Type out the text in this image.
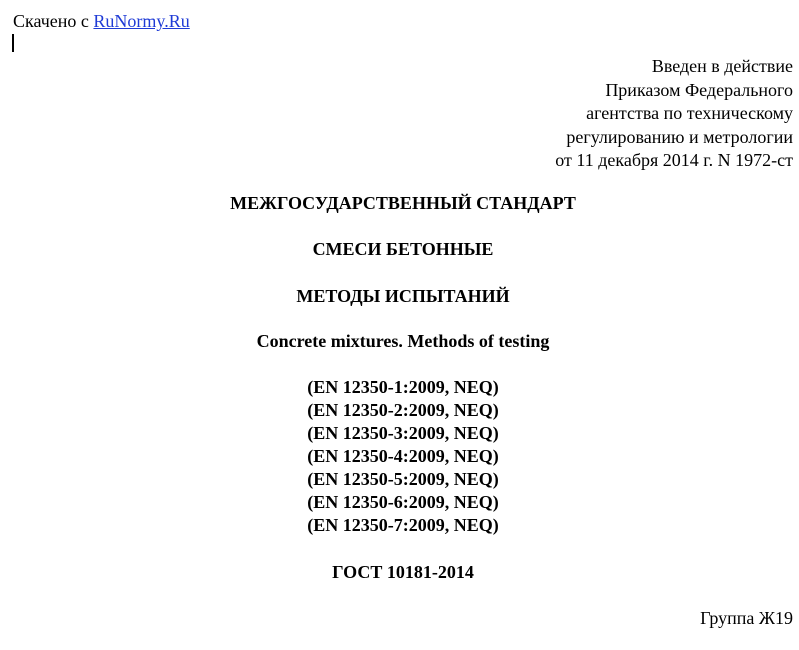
Скачено с RuNormy.Ru
Введен в действие
Приказом Федерального
агентства по техническому
регулированию и метрологии
от 11 декабря 2014 г. N 1972-ст
МЕЖГОСУДАРСТВЕННЫЙ СТАНДАРТ
СМЕСИ БЕТОННЫЕ
МЕТОДЫ ИСПЫТАНИЙ
Concrete mixtures. Methods of testing
(EN 12350-1:2009, NEQ)
(EN 12350-2:2009, NEQ)
(EN 12350-3:2009, NEQ)
(EN 12350-4:2009, NEQ)
(EN 12350-5:2009, NEQ)
(EN 12350-6:2009, NEQ)
(EN 12350-7:2009, NEQ)
ГОСТ 10181-2014
Группа Ж19
